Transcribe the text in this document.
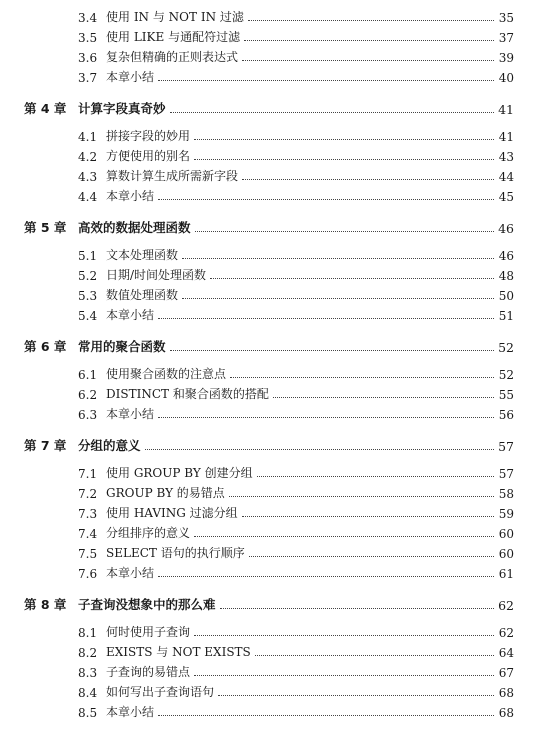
3.4 使用 IN 与 NOT IN 过滤	35
3.5 使用 LIKE 与通配符过滤	37
3.6 复杂但精确的正则表达式	39
3.7 本章小结	40
第 4 章 计算字段真奇妙	41
4.1 拼接字段的妙用	41
4.2 方便使用的别名	43
4.3 算数计算生成所需新字段	44
4.4 本章小结	45
第 5 章 高效的数据处理函数	46
5.1 文本处理函数	46
5.2 日期/时间处理函数	48
5.3 数值处理函数	50
5.4 本章小结	51
第 6 章 常用的聚合函数	52
6.1 使用聚合函数的注意点	52
6.2 DISTINCT 和聚合函数的搭配	55
6.3 本章小结	56
第 7 章 分组的意义	57
7.1 使用 GROUP BY 创建分组	57
7.2 GROUP BY 的易错点	58
7.3 使用 HAVING 过滤分组	59
7.4 分组排序的意义	60
7.5 SELECT 语句的执行顺序	60
7.6 本章小结	61
第 8 章 子查询没想象中的那么难	62
8.1 何时使用子查询	62
8.2 EXISTS 与 NOT EXISTS	64
8.3 子查询的易错点	67
8.4 如何写出子查询语句	68
8.5 本章小结	68
